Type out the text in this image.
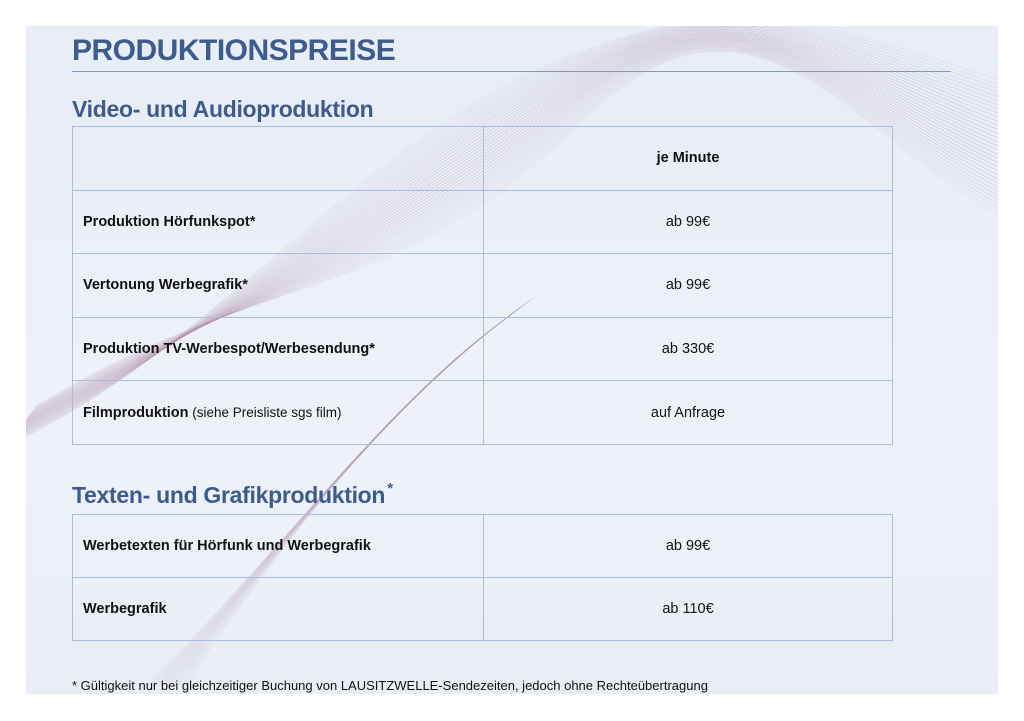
PRODUKTIONSPREISE
Video- und Audioproduktion
	je Minute
Produktion Hörfunkspot*	ab 99€
Vertonung Werbegrafik*	ab 99€
Produktion TV-Werbespot/Werbesendung*	ab 330€
Filmproduktion (siehe Preisliste sgs film)	auf Anfrage
Texten- und Grafikproduktion *
Werbetexten für Hörfunk und Werbegrafik	ab 99€
Werbegrafik	ab 110€
* Gültigkeit nur bei gleichzeitiger Buchung von LAUSITZWELLE-Sendezeiten, jedoch ohne Rechteübertragung
